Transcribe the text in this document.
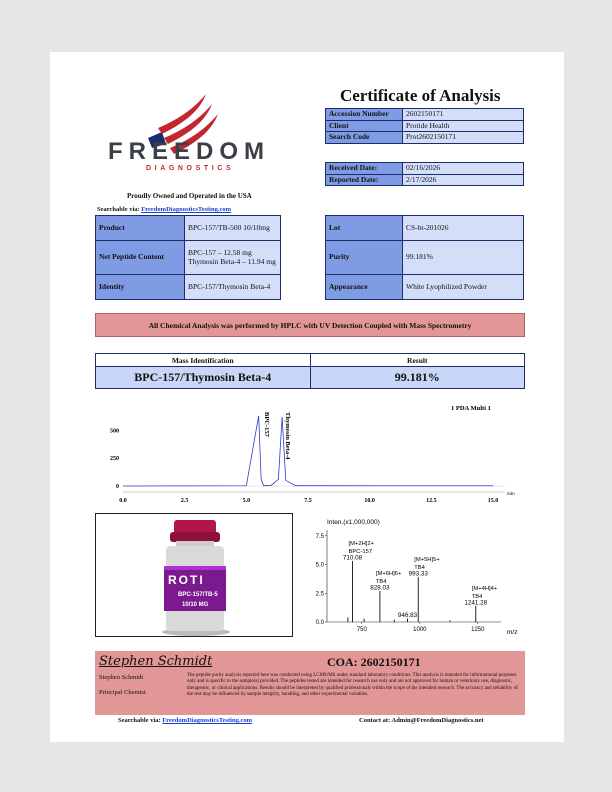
FREEDOM
DIAGNOSTICS
Proudly Owned and Operated in the USA
Searchable via: FreedomDiagnosticsTesting.com
Certificate of Analysis
Accession Number	2602150171
Client	Protide Health
Search Code	Prot2602150171
Received Date:	02/16/2026
Reported Date:	2/17/2026
Product	BPC-157/TB-500 10/10mg
Net Peptide Content	BPC-157 – 12.58 mg Thymosin Beta-4 – 11.94 mg
Identity	BPC-157/Thymosin Beta-4
Lot	CS-bt-201026
Purity	99.181%
Appearance	White Lyophilized Powder
All Chemical Analysis was performed by HPLC with UV Detection Coupled with Mass Spectrometry
Mass Identification	Result
BPC-157/Thymosin Beta-4	99.181%
0.0	2.5	5.0	7.5	10.0	12.5	15.0
0
250
500
1 PDA Multi 1
min
BPC-157 Thymosin Beta-4
ROTI
BPC-157/TB-5
10/10 MG
Inten.(x1,000,000)
0.0
2.5
5.0
7.5
750	1000	1250
710.08
[M+2H]2+
BPC-157
828.03
[M+6H]6+
TB4
993.33
[M+5H]5+
TB4
946.83
1241.28
[M+4H]4+
TB4
m/z
Stephen Schmidt	COA: 2602150171
Stephen Schmidt
Principal Chemist
The peptide purity analysis reported here was conducted using LCMS/MS under standard laboratory conditions. This analysis is intended for informational purposes only and is specific to the sample(s) provided. The peptides tested are intended for research use only and are not approved for human or veterinary use, diagnostic, therapeutic, or clinical applications. Results should be interpreted by qualified professionals within the scope of the intended research. The accuracy and reliability of the test may be influenced by sample integrity, handling, and other experimental variables.
Searchable via: FreedomDiagnosticsTesting.com	Contact at: Admin@FreedomDiagnostics.net
